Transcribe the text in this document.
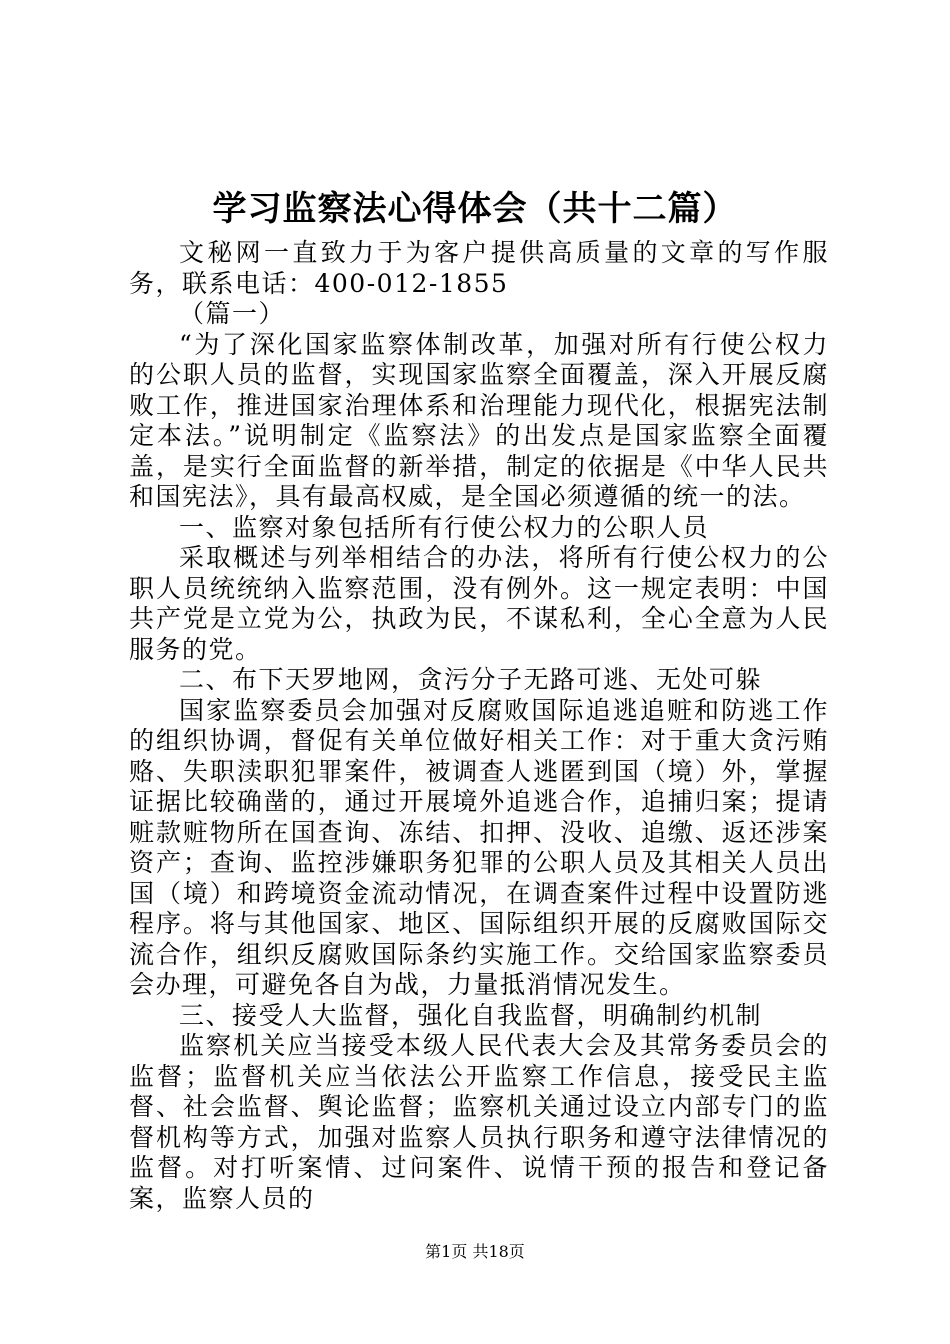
学习监察法心得体会（共十二篇）

文秘网一直致力于为客户提供高质量的文章的写作服务，联系电话：400-012-1855

（篇一）

“为了深化国家监察体制改革，加强对所有行使公权力的公职人员的监督，实现国家监察全面覆盖，深入开展反腐败工作，推进国家治理体系和治理能力现代化，根据宪法制定本法。”说明制定《监察法》的出发点是国家监察全面覆盖，是实行全面监督的新举措，制定的依据是《中华人民共和国宪法》，具有最高权威，是全国必须遵循的统一的法。

一、监察对象包括所有行使公权力的公职人员

采取概述与列举相结合的办法，将所有行使公权力的公职人员统统纳入监察范围，没有例外。这一规定表明：中国共产党是立党为公，执政为民，不谋私利，全心全意为人民服务的党。

二、布下天罗地网，贪污分子无路可逃、无处可躲

国家监察委员会加强对反腐败国际追逃追赃和防逃工作的组织协调，督促有关单位做好相关工作：对于重大贪污贿赂、失职渎职犯罪案件，被调查人逃匿到国（境）外，掌握证据比较确凿的，通过开展境外追逃合作，追捕归案；提请赃款赃物所在国查询、冻结、扣押、没收、追缴、返还涉案资产；查询、监控涉嫌职务犯罪的公职人员及其相关人员出国（境）和跨境资金流动情况，在调查案件过程中设置防逃程序。将与其他国家、地区、国际组织开展的反腐败国际交流合作，组织反腐败国际条约实施工作。交给国家监察委员会办理，可避免各自为战，力量抵消情况发生。

三、接受人大监督，强化自我监督，明确制约机制

监察机关应当接受本级人民代表大会及其常务委员会的监督；监督机关应当依法公开监察工作信息，接受民主监督、社会监督、舆论监督；监察机关通过设立内部专门的监督机构等方式，加强对监察人员执行职务和遵守法律情况的监督。对打听案情、过问案件、说情干预的报告和登记备案，监察人员的

第1页 共18页
